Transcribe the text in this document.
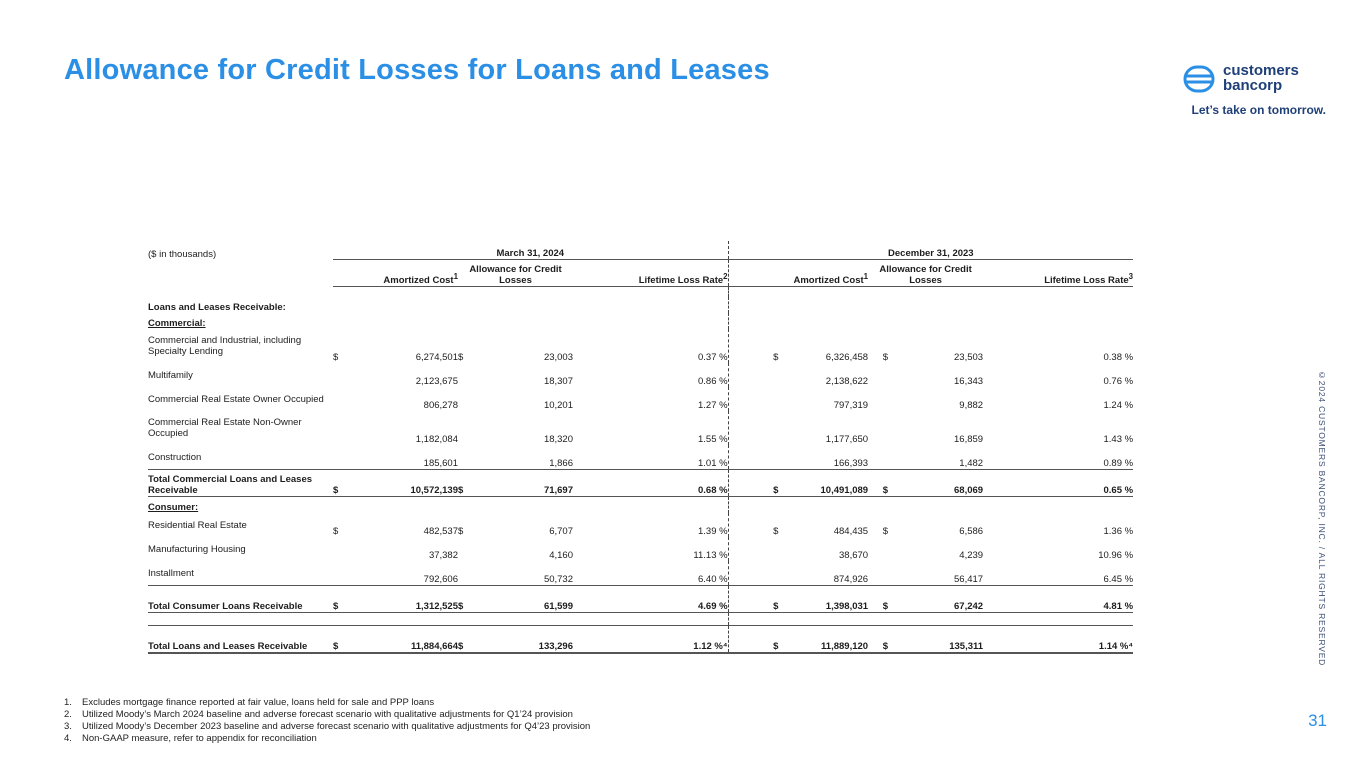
Allowance for Credit Losses for Loans and Leases	customers
bancorp
Let’s take on tomorrow.
©2024 CUSTOMERS BANCORP, INC. / ALL RIGHTS RESERVED
31
($ in thousands)	March 31, 2024					December 31, 2023					
	Amortized Cost$^1$		Allowance for Credit Losses		Lifetime Loss Rate$^2$		Amortized Cost$^1$		Allowance for Credit Losses		Lifetime Loss Rate$^3$

Loans and Leases Receivable:											
Commercial:											
Commercial and Industrial, including Specialty Lending	$	6,274,501	$	23,003	0.37 %		$	6,326,458	$	23,503	0.38 %
Multifamily		2,123,675		18,307	0.86 %			2,138,622		16,343	0.76 %
Commercial Real Estate Owner Occupied		806,278		10,201	1.27 %			797,319		9,882	1.24 %
Commercial Real Estate Non-Owner Occupied		1,182,084		18,320	1.55 %			1,177,650		16,859	1.43 %
Construction		185,601		1,866	1.01 %			166,393		1,482	0.89 %
Total Commercial Loans and Leases Receivable	$	10,572,139	$	71,697	0.68 %		$	10,491,089	$	68,069	0.65 %
Consumer:											
Residential Real Estate	$	482,537	$	6,707	1.39 %		$	484,435	$	6,586	1.36 %
Manufacturing Housing		37,382		4,160	11.13 %			38,670		4,239	10.96 %
Installment		792,606		50,732	6.40 %			874,926		56,417	6.45 %
Total Consumer Loans Receivable	$	1,312,525	$	61,599	4.69 %		$	1,398,031	$	67,242	4.81 %

Total Loans and Leases Receivable	$	11,884,664	$	133,296	1.12 %⁴		$	11,889,120	$	135,311	1.14 %⁴
1. Excludes mortgage finance reported at fair value, loans held for sale and PPP loans
2. Utilized Moody’s March 2024 baseline and adverse forecast scenario with qualitative adjustments for Q1’24 provision
3. Utilized Moody’s December 2023 baseline and adverse forecast scenario with qualitative adjustments for Q4’23 provision
4. Non-GAAP measure, refer to appendix for reconciliation
